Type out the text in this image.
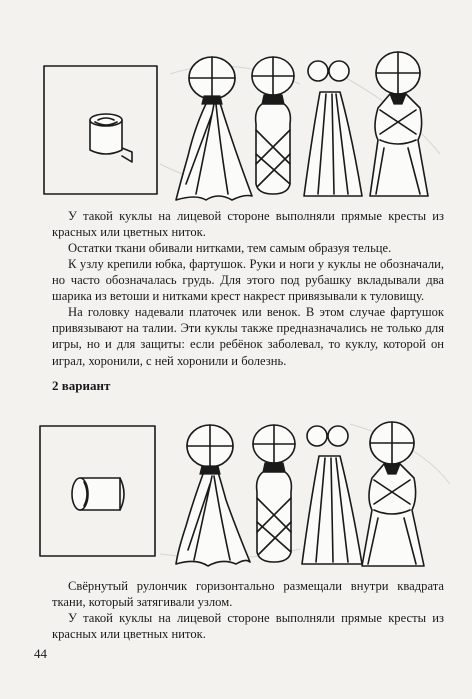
У такой куклы на лицевой стороне выполняли прямые кресты из красных или цветных ниток.

Остатки ткани обивали нитками, тем самым образуя тельце.

К узлу крепили юбка, фартушок. Руки и ноги у куклы не обозначали, но часто обозначалась грудь. Для этого под рубашку вкладывали два шарика из ветоши и нитками крест накрест привязывали к туловищу.

На головку надевали платочек или венок. В этом случае фартушок привязывают на талии. Эти куклы также предназначались не только для игры, но и для защиты: если ребёнок заболевал, то куклу, которой он играл, хоронили, с ней хоронили и болезнь.

2 вариант

Свёрнутый рулончик горизонтально размещали внутри квадрата ткани, который затягивали узлом.

У такой куклы на лицевой стороне выполняли прямые кресты из красных или цветных ниток.

44
